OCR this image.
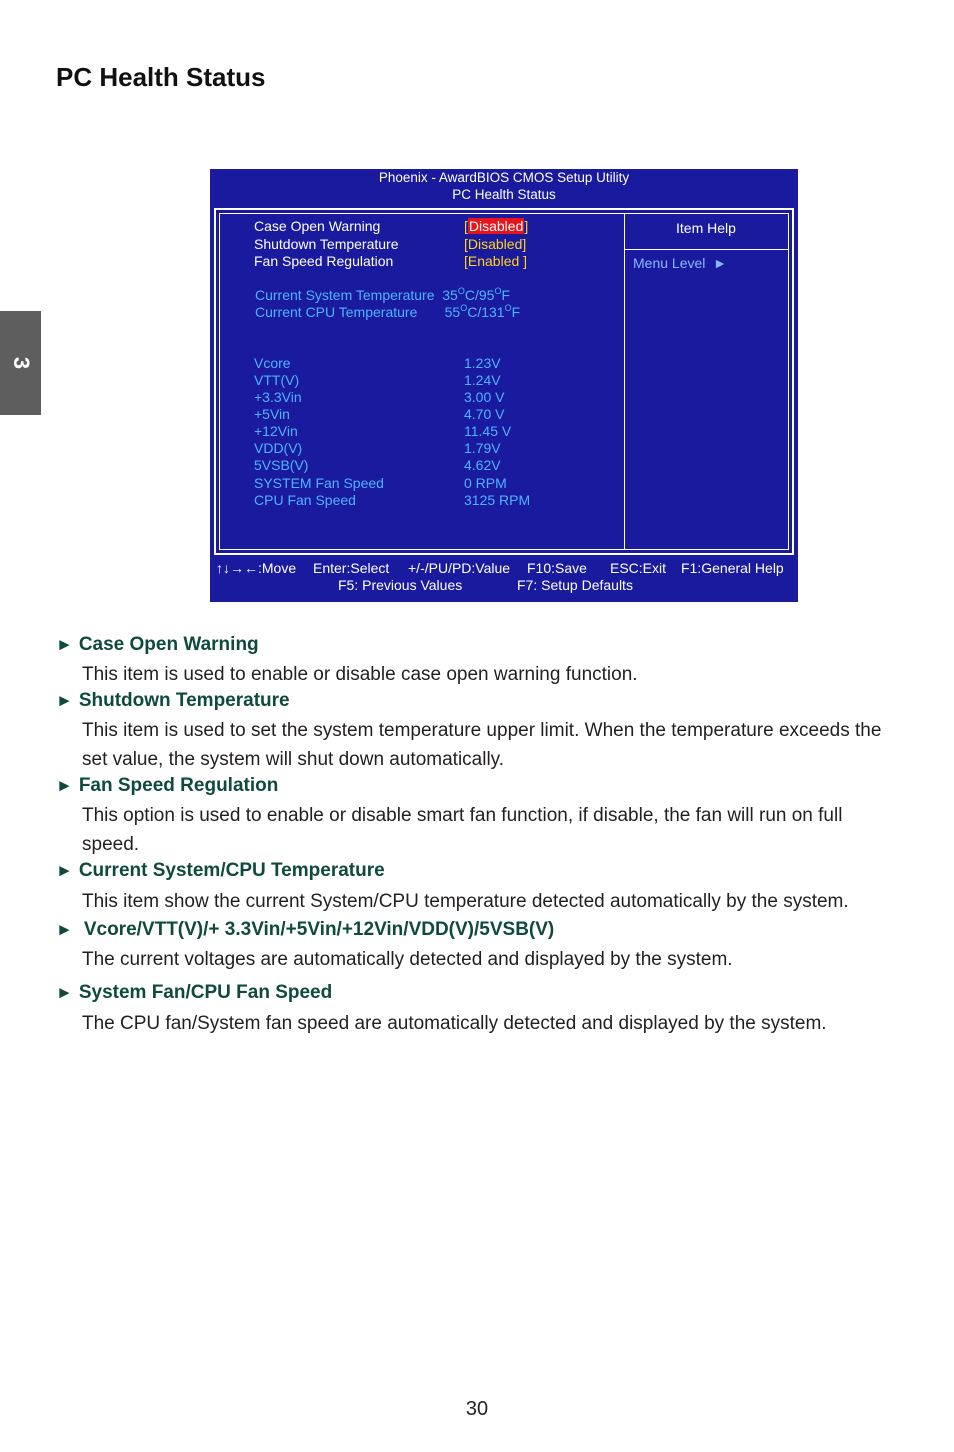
PC Health Status
3
Phoenix - AwardBIOS CMOS Setup Utility
PC Health Status
Case Open Warning	[Disabled]
Shutdown Temperature	[Disabled]
Fan Speed Regulation	[Enabled ]
Current System Temperature $35^OC/95^OF$
Current CPU Temperature $55^OC/131^OF$
Vcore	1.23V
VTT(V)	1.24V
+3.3Vin	3.00 V
+5Vin	4.70 V
+12Vin	11.45 V
VDD(V)	1.79V
5VSB(V)	4.62V
SYSTEM Fan Speed	0 RPM
CPU Fan Speed	3125 RPM
Item Help
Menu Level ►
↑↓→←:Move Enter:Select +/-/PU/PD:Value F10:Save ESC:Exit F1:General Help
F5: Previous Values	F7: Setup Defaults
► Case Open Warning

This item is used to enable or disable case open warning function.

► Shutdown Temperature

This item is used to set the system temperature upper limit. When the temperature exceeds the set value, the system will shut down automatically.

► Fan Speed Regulation

This option is used to enable or disable smart fan function, if disable, the fan will run on full speed.

► Current System/CPU Temperature

This item show the current System/CPU temperature detected automatically by the system.

► Vcore/VTT(V)/+ 3.3Vin/+5Vin/+12Vin/VDD(V)/5VSB(V)

The current voltages are automatically detected and displayed by the system.

► System Fan/CPU Fan Speed

The CPU fan/System fan speed are automatically detected and displayed by the system.

30
